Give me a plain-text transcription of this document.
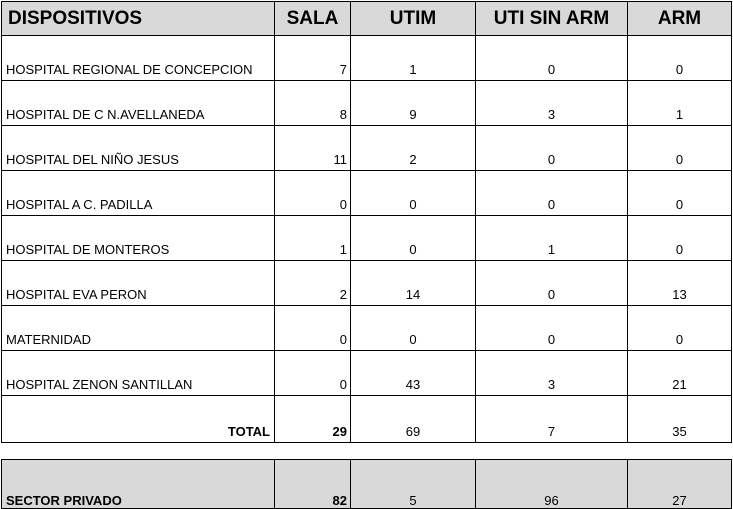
DISPOSITIVOS	SALA	UTIM	UTI SIN ARM	ARM
HOSPITAL REGIONAL DE CONCEPCION	7	1	0	0
HOSPITAL DE C N.AVELLANEDA	8	9	3	1
HOSPITAL DEL NIÑO JESUS	11	2	0	0
HOSPITAL A C. PADILLA	0	0	0	0
HOSPITAL DE MONTEROS	1	0	1	0
HOSPITAL EVA PERON	2	14	0	13
MATERNIDAD	0	0	0	0
HOSPITAL ZENON SANTILLAN	0	43	3	21
TOTAL	29	69	7	35
SECTOR PRIVADO	82	5	96	27
